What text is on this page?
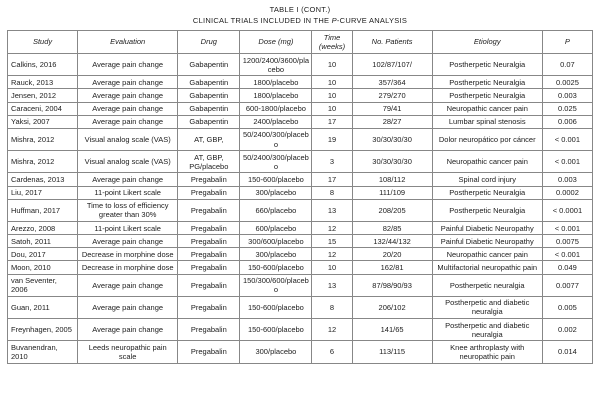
TABLE I (CONT.)
CLINICAL TRIALS INCLUDED IN THE P-CURVE ANALYSIS
Study	Evaluation	Drug	Dose (mg)	Time (weeks)	No. Patients	Etiology	P
Calkins, 2016	Average pain change	Gabapentin	1200/2400/3600/placebo	10	102/87/107/	Postherpetic Neuralgia	0.07
Rauck, 2013	Average pain change	Gabapentin	1800/placebo	10	357/364	Postherpetic Neuralgia	0.0025
Jensen, 2012	Average pain change	Gabapentin	1800/placebo	10	279/270	Postherpetic Neuralgia	0.003
Caraceni, 2004	Average pain change	Gabapentin	600-1800/placebo	10	79/41	Neuropathic cancer pain	0.025
Yaksi, 2007	Average pain change	Gabapentin	2400/placebo	17	28/27	Lumbar spinal stenosis	0.006
Mishra, 2012	Visual analog scale (VAS)	AT, GBP,	50/2400/300/placebo	19	30/30/30/30	Dolor neuropático por cáncer	< 0.001
Mishra, 2012	Visual analog scale (VAS)	AT, GBP, PG/placebo	50/2400/300/placebo	3	30/30/30/30	Neuropathic cancer pain	< 0.001
Cardenas, 2013	Average pain change	Pregabalin	150-600/placebo	17	108/112	Spinal cord injury	0.003
Liu, 2017	11-point Likert scale	Pregabalin	300/placebo	8	111/109	Postherpetic Neuralgia	0.0002
Huffman, 2017	Time to loss of efficiency greater than 30%	Pregabalin	660/placebo	13	208/205	Postherpetic Neuralgia	< 0.0001
Arezzo, 2008	11-point Likert scale	Pregabalin	600/placebo	12	82/85	Painful Diabetic Neuropathy	< 0.001
Satoh, 2011	Average pain change	Pregabalin	300/600/placebo	15	132/44/132	Painful Diabetic Neuropathy	0.0075
Dou, 2017	Decrease in morphine dose	Pregabalin	300/placebo	12	20/20	Neuropathic cancer pain	< 0.001
Moon, 2010	Decrease in morphine dose	Pregabalin	150-600/placebo	10	162/81	Multifactorial neuropathic pain	0.049
van Seventer, 2006	Average pain change	Pregabalin	150/300/600/placebo	13	87/98/90/93	Postherpetic neuralgia	0.0077
Guan, 2011	Average pain change	Pregabalin	150-600/placebo	8	206/102	Postherpetic and diabetic neuralgia	0.005
Freynhagen, 2005	Average pain change	Pregabalin	150-600/placebo	12	141/65	Postherpetic and diabetic neuralgia	0.002
Buvanendran, 2010	Leeds neuropathic pain scale	Pregabalin	300/placebo	6	113/115	Knee arthroplasty with neuropathic pain	0.014
